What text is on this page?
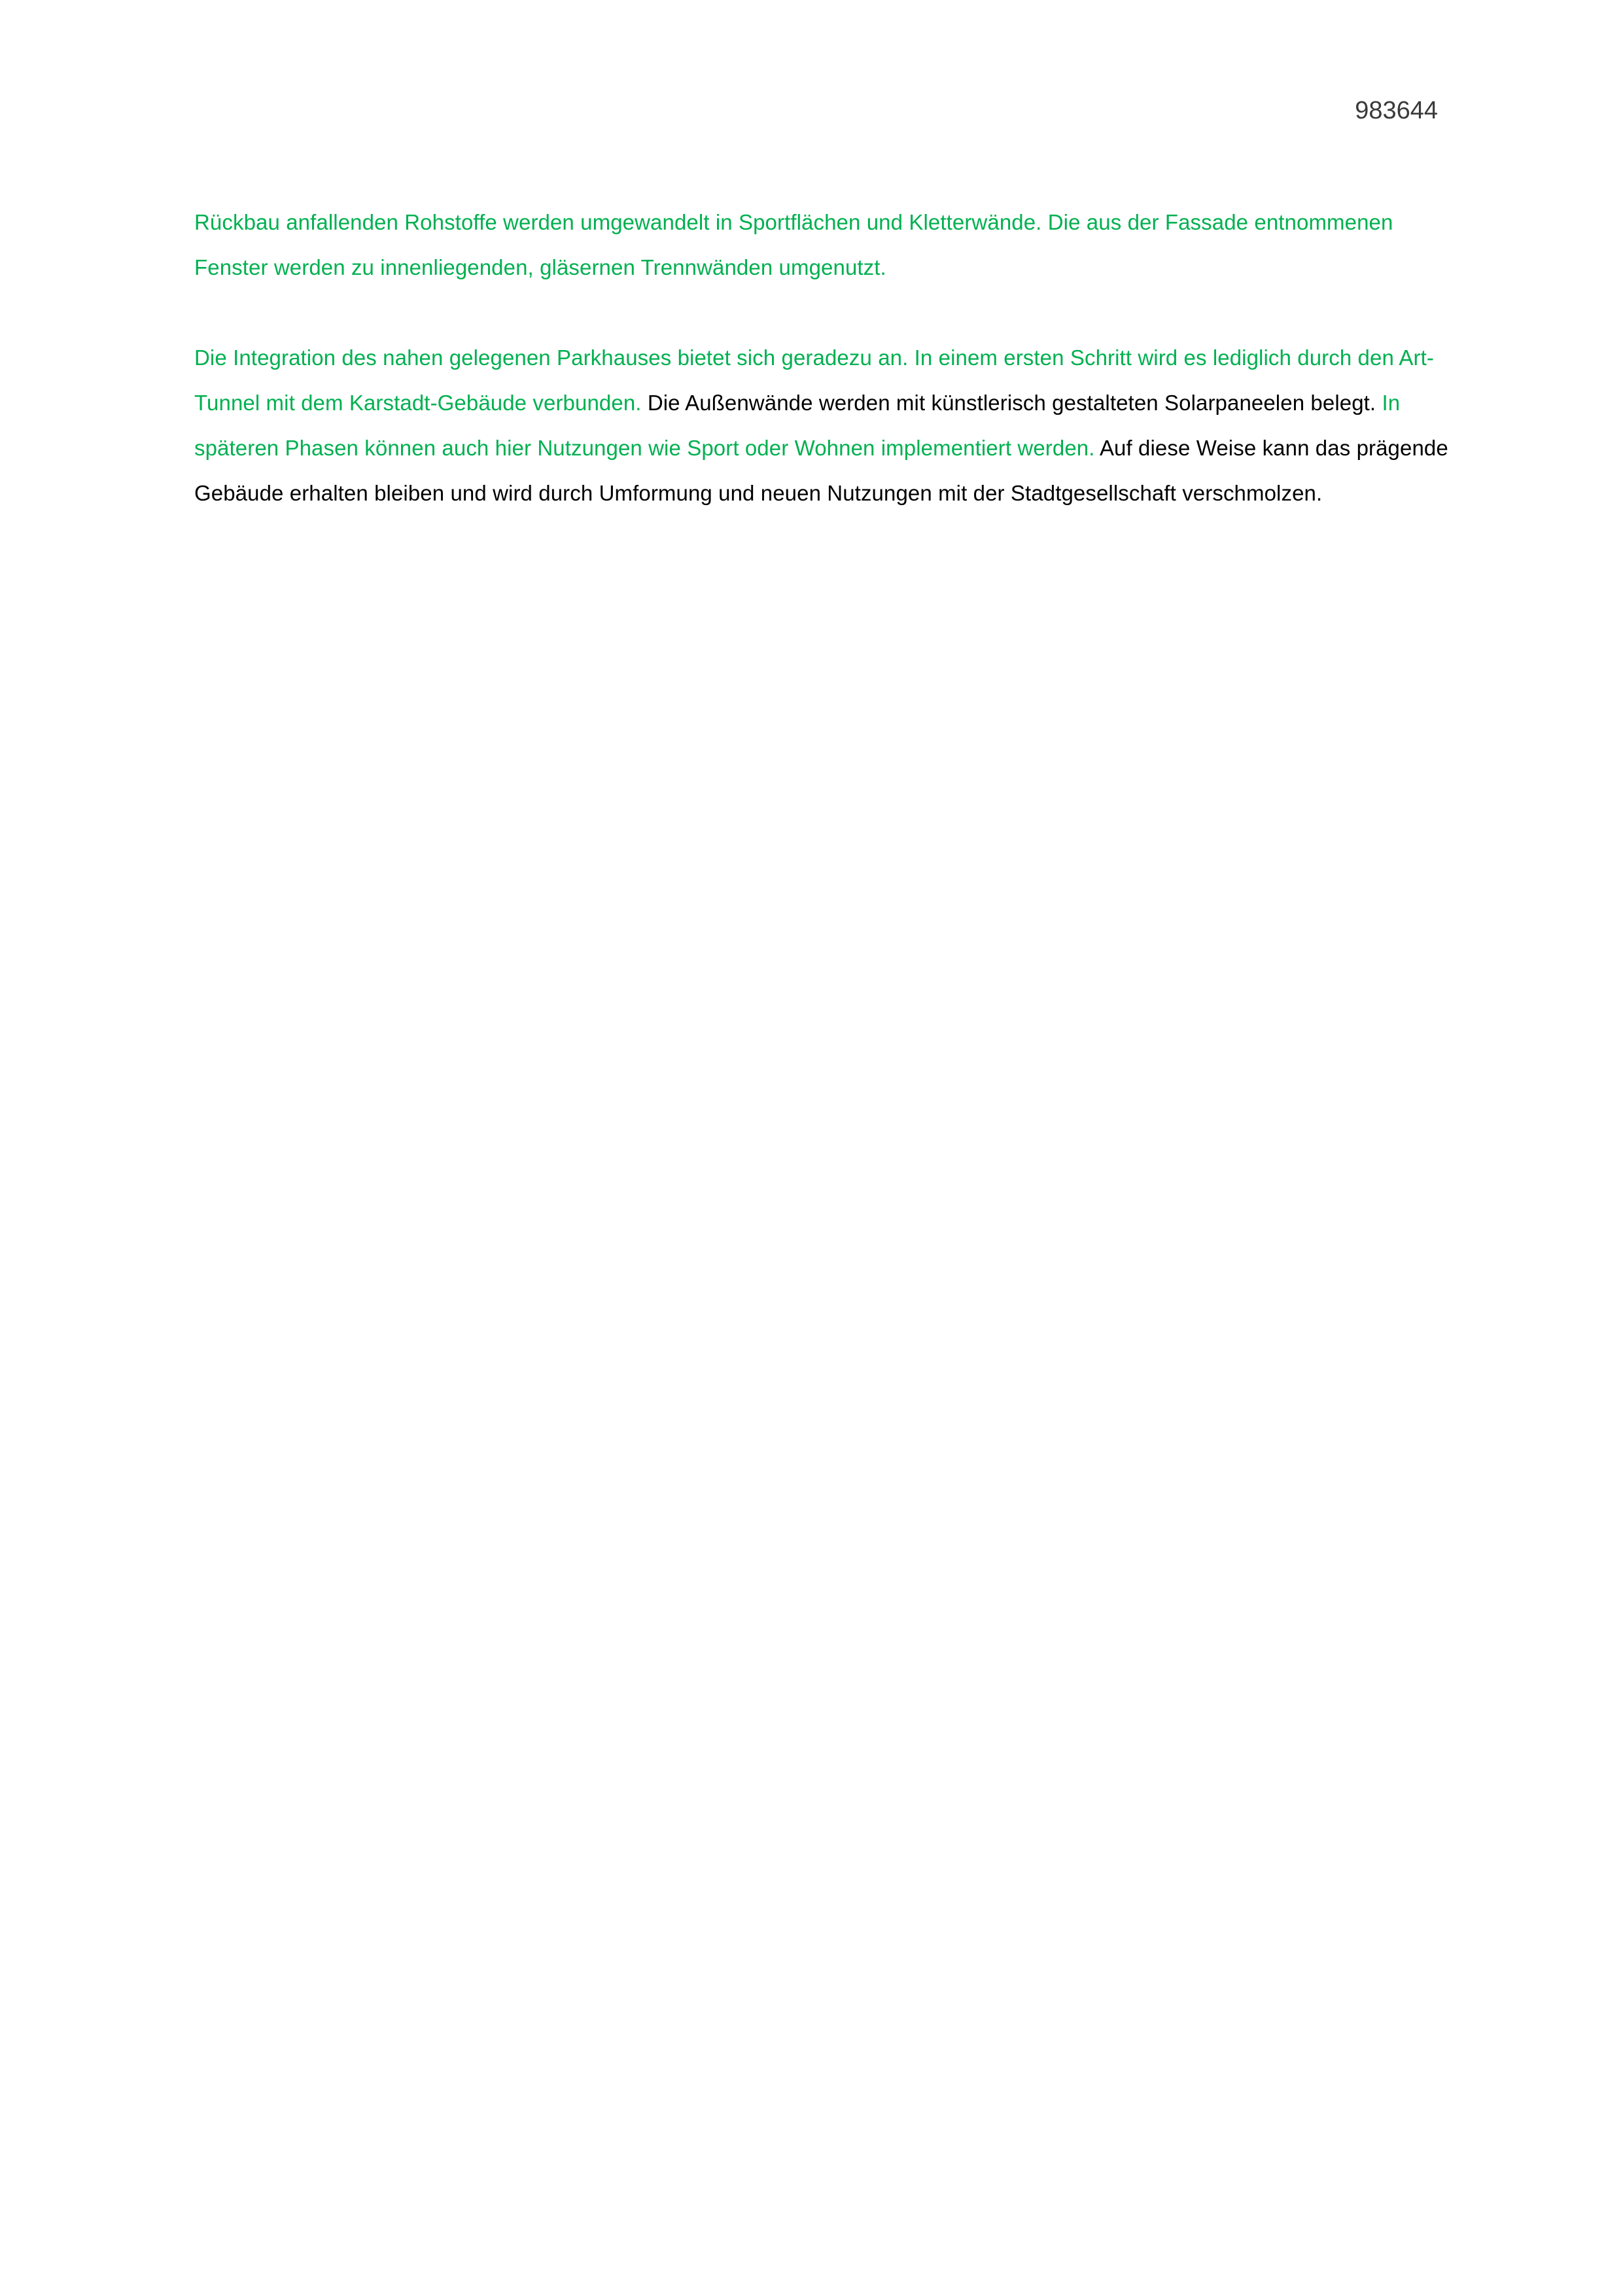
983644

Rückbau anfallenden Rohstoffe werden umgewandelt in Sportflächen und Kletterwände. Die aus der Fassade entnommenen Fenster werden zu innenliegenden, gläsernen Trennwänden umgenutzt.

Die Integration des nahen gelegenen Parkhauses bietet sich geradezu an. In einem ersten Schritt wird es lediglich durch den Art-Tunnel mit dem Karstadt-Gebäude verbunden. Die Außenwände werden mit künstlerisch gestalteten Solarpaneelen belegt. In späteren Phasen können auch hier Nutzungen wie Sport oder Wohnen implementiert werden. Auf diese Weise kann das prägende Gebäude erhalten bleiben und wird durch Umformung und neuen Nutzungen mit der Stadtgesellschaft verschmolzen.
